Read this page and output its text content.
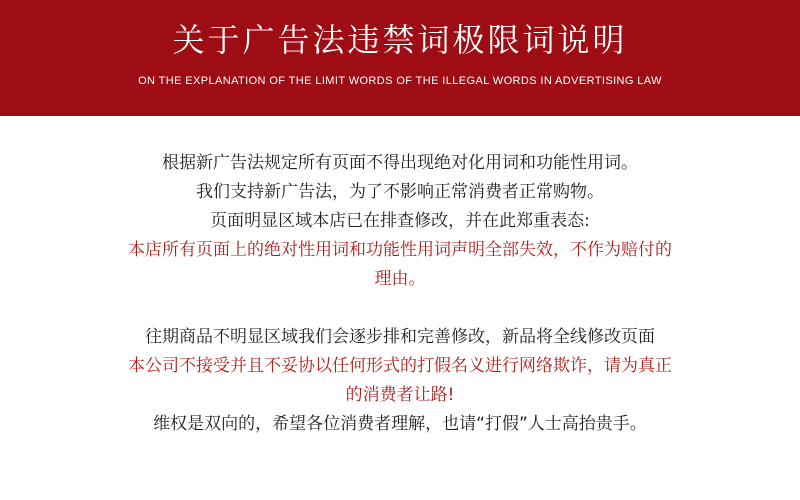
关于广告法违禁词极限词说明
ON THE EXPLANATION OF THE LIMIT WORDS OF THE ILLEGAL WORDS IN ADVERTISING LAW
根据新广告法规定所有页面不得出现绝对化用词和功能性用词。
我们支持新广告法，为了不影响正常消费者正常购物。
页面明显区域本店已在排查修改，并在此郑重表态:
本店所有页面上的绝对性用词和功能性用词声明全部失效，不作为赔付的
理由。
往期商品不明显区域我们会逐步排和完善修改，新品将全线修改页面
本公司不接受并且不妥协以任何形式的打假名义进行网络欺诈，请为真正
的消费者让路!
维权是双向的，希望各位消费者理解，也请“打假”人士高抬贵手。
